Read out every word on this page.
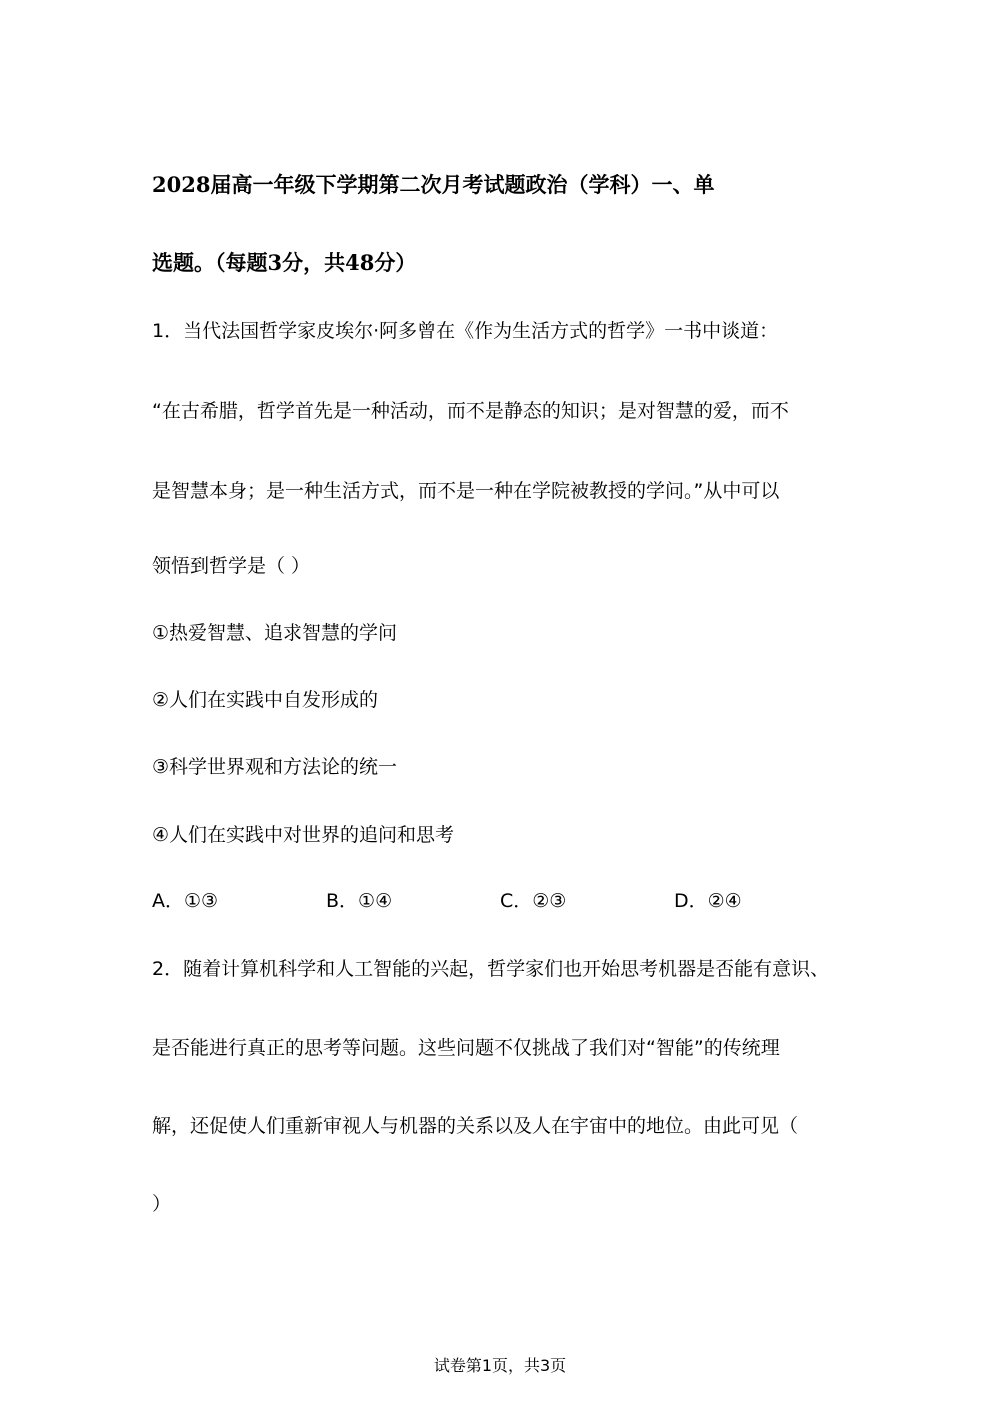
2028届高一年级下学期第二次月考试题政治（学科）一、单
选题。（每题3分，共48分）
1．当代法国哲学家皮埃尔·阿多曾在《作为生活方式的哲学》一书中谈道：
“在古希腊，哲学首先是一种活动，而不是静态的知识；是对智慧的爱，而不
是智慧本身；是一种生活方式，而不是一种在学院被教授的学问。”从中可以
领悟到哲学是（ ）
①热爱智慧、追求智慧的学问
②人们在实践中自发形成的
③科学世界观和方法论的统一
④人们在实践中对世界的追问和思考
A．①③	B．①④	C．②③	D．②④
2．随着计算机科学和人工智能的兴起，哲学家们也开始思考机器是否能有意识、
是否能进行真正的思考等问题。这些问题不仅挑战了我们对“智能”的传统理
解，还促使人们重新审视人与机器的关系以及人在宇宙中的地位。由此可见（
）
试卷第1页，共3页
